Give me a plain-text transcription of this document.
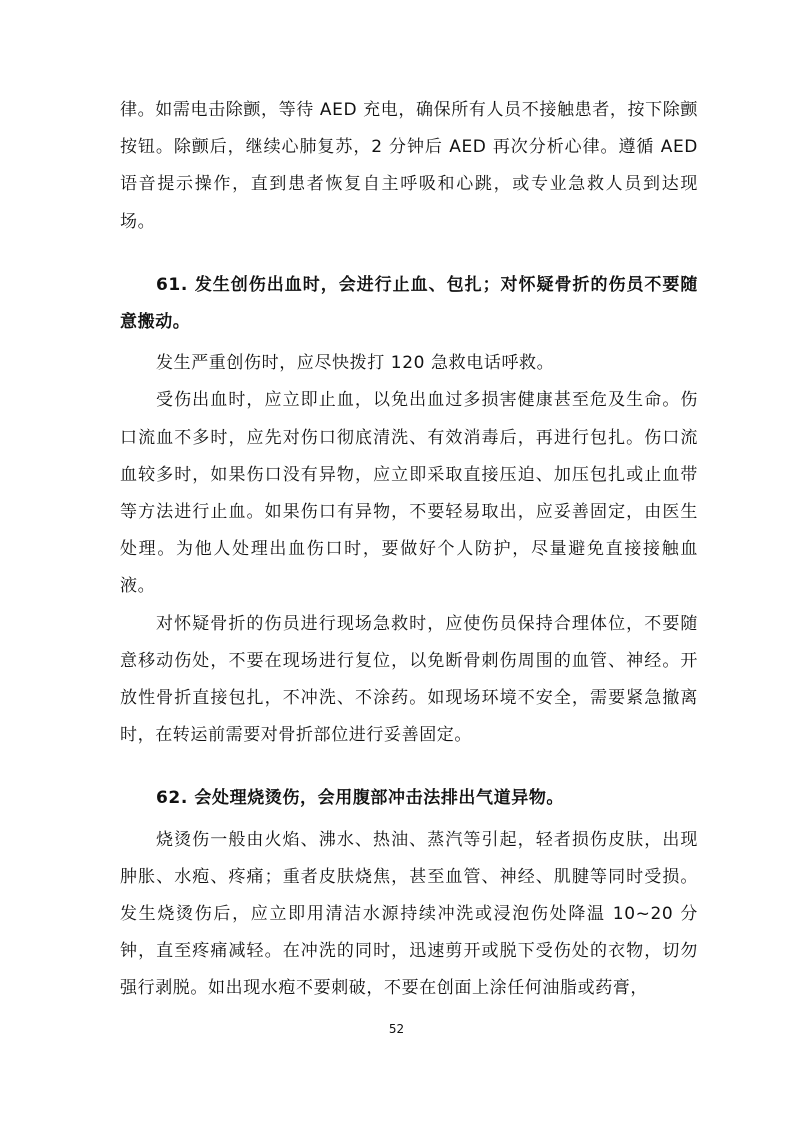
律。如需电击除颤，等待 AED 充电，确保所有人员不接触患者，按下除颤按钮。除颤后，继续心肺复苏，2 分钟后 AED 再次分析心律。遵循 AED 语音提示操作，直到患者恢复自主呼吸和心跳，或专业急救人员到达现场。

61. 发生创伤出血时，会进行止血、包扎；对怀疑骨折的伤员不要随意搬动。

发生严重创伤时，应尽快拨打 120 急救电话呼救。

受伤出血时，应立即止血，以免出血过多损害健康甚至危及生命。伤口流血不多时，应先对伤口彻底清洗、有效消毒后，再进行包扎。伤口流血较多时，如果伤口没有异物，应立即采取直接压迫、加压包扎或止血带等方法进行止血。如果伤口有异物，不要轻易取出，应妥善固定，由医生处理。为他人处理出血伤口时，要做好个人防护，尽量避免直接接触血液。

对怀疑骨折的伤员进行现场急救时，应使伤员保持合理体位，不要随意移动伤处，不要在现场进行复位，以免断骨刺伤周围的血管、神经。开放性骨折直接包扎，不冲洗、不涂药。如现场环境不安全，需要紧急撤离时，在转运前需要对骨折部位进行妥善固定。

62. 会处理烧烫伤，会用腹部冲击法排出气道异物。

烧烫伤一般由火焰、沸水、热油、蒸汽等引起，轻者损伤皮肤，出现肿胀、水疱、疼痛；重者皮肤烧焦，甚至血管、神经、肌腱等同时受损。发生烧烫伤后，应立即用清洁水源持续冲洗或浸泡伤处降温 10~20 分钟，直至疼痛减轻。在冲洗的同时，迅速剪开或脱下受伤处的衣物，切勿强行剥脱。如出现水疱不要刺破，不要在创面上涂任何油脂或药膏，

52
